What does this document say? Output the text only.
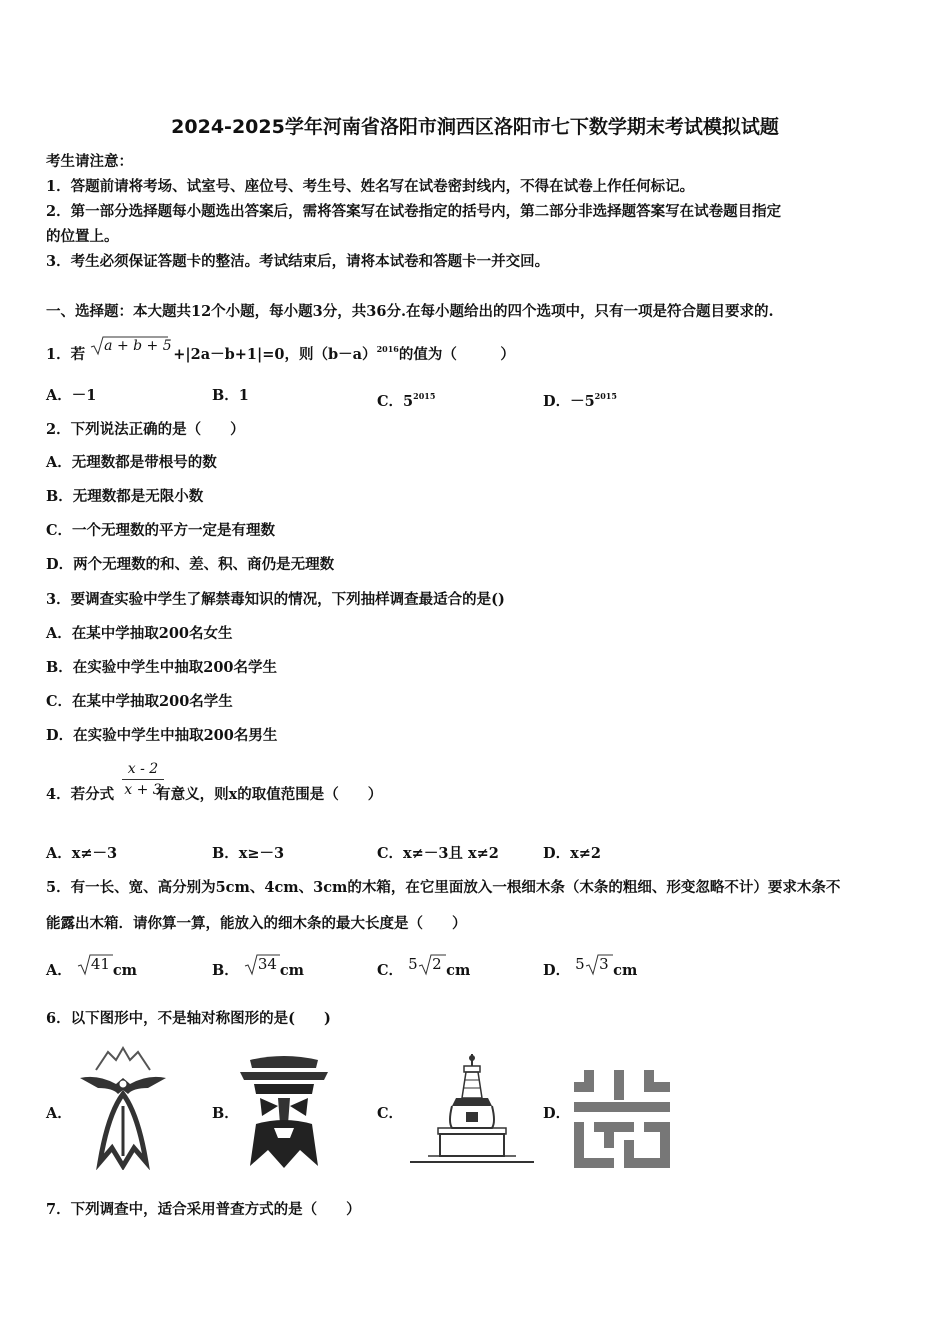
2024-2025学年河南省洛阳市涧西区洛阳市七下数学期末考试模拟试题
考生请注意：
1．答题前请将考场、试室号、座位号、考生号、姓名写在试卷密封线内，不得在试卷上作任何标记。
2．第一部分选择题每小题选出答案后，需将答案写在试卷指定的括号内，第二部分非选择题答案写在试卷题目指定
的位置上。
3．考生必须保证答题卡的整洁。考试结束后，请将本试卷和答题卡一并交回。
一、选择题：本大题共12个小题，每小题3分，共36分.在每小题给出的四个选项中，只有一项是符合题目要求的.
1．若 a + b + 5 +|2a－b+1|=0，则$(b-a)^{2016}$的值为（　　　）
A．－1	B．1	C．$5^{2015}$	D．$-5^{2015}$
2．下列说法正确的是（　　）
A．无理数都是带根号的数
B．无理数都是无限小数
C．一个无理数的平方一定是有理数
D．两个无理数的和、差、积、商仍是无理数
3．要调查实验中学生了解禁毒知识的情况，下列抽样调查最适合的是()
A．在某中学抽取200名女生
B．在实验中学生中抽取200名学生
C．在某中学抽取200名学生
D．在实验中学生中抽取200名男生
4．若分式	有意义，则x的取值范围是（　　）
x - 2
x + 3
A．x≠－3	B．x≥－3	C．x≠－3且 x≠2	D．x≠2
5．有一长、宽、高分别为5cm、4cm、3cm的木箱，在它里面放入一根细木条（木条的粗细、形变忽略不计）要求木条不
能露出木箱．请你算一算，能放入的细木条的最大长度是（　　）
A． 41 cm	B． 34 cm	C． 5 2 cm	D． 5 3 cm
6．以下图形中，不是轴对称图形的是(　　)
A．	B．	C．	D．
7．下列调查中，适合采用普查方式的是（　　）
